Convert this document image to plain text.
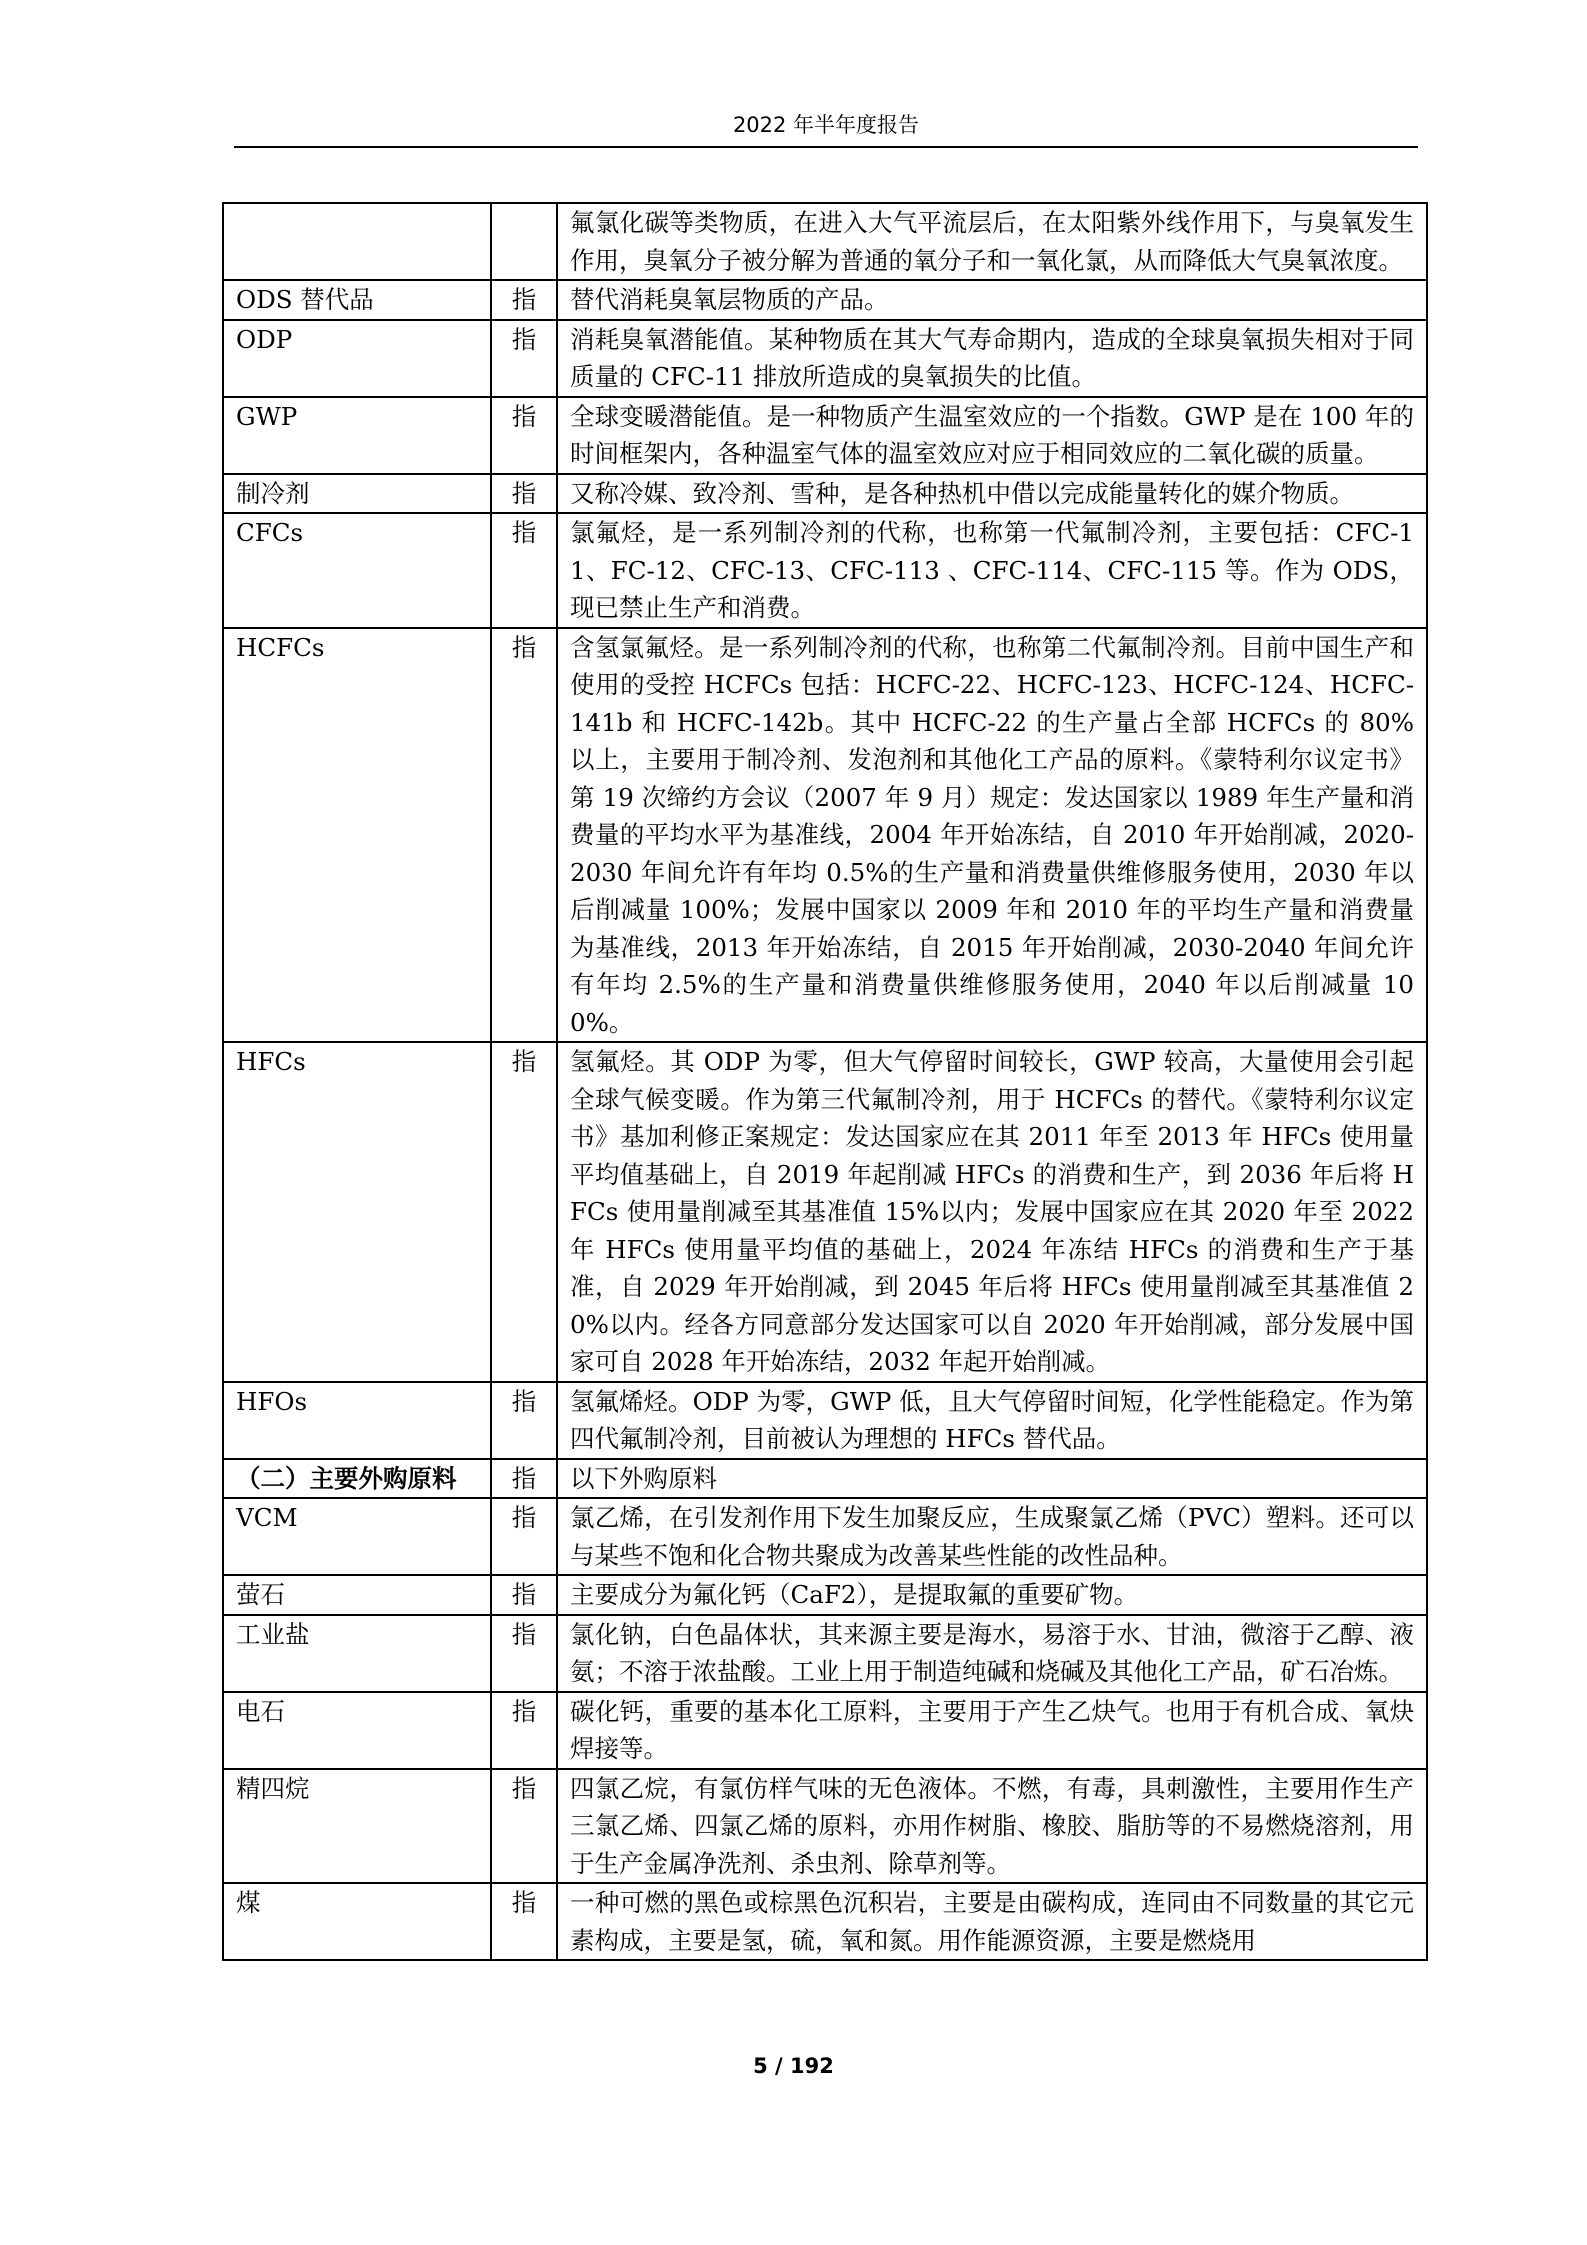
2022 年半年度报告
		氟氯化碳等类物质，在进入大气平流层后，在太阳紫外线作用下，与臭氧发生作用，臭氧分子被分解为普通的氧分子和一氧化氯，从而降低大气臭氧浓度。
ODS 替代品	指	替代消耗臭氧层物质的产品。
ODP	指	消耗臭氧潜能值。某种物质在其大气寿命期内，造成的全球臭氧损失相对于同质量的 CFC-11 排放所造成的臭氧损失的比值。
GWP	指	全球变暖潜能值。是一种物质产生温室效应的一个指数。GWP 是在 100 年的时间框架内，各种温室气体的温室效应对应于相同效应的二氧化碳的质量。
制冷剂	指	又称冷媒、致冷剂、雪种，是各种热机中借以完成能量转化的媒介物质。
CFCs	指	氯氟烃，是一系列制冷剂的代称，也称第一代氟制冷剂，主要包括：CFC-11、FC-12、CFC-13、CFC-113 、CFC-114、CFC-115 等。作为 ODS，现已禁止生产和消费。
HCFCs	指	含氢氯氟烃。是一系列制冷剂的代称，也称第二代氟制冷剂。目前中国生产和使用的受控 HCFCs 包括：HCFC-22、HCFC-123、HCFC-124、HCFC-141b 和 HCFC-142b。其中 HCFC-22 的生产量占全部 HCFCs 的 80% 以上，主要用于制冷剂、发泡剂和其他化工产品的原料。《蒙特利尔议定书》第 19 次缔约方会议（2007 年 9 月）规定：发达国家以 1989 年生产量和消费量的平均水平为基准线，2004 年开始冻结，自 2010 年开始削减，2020-2030 年间允许有年均 0.5%的生产量和消费量供维修服务使用，2030 年以后削减量 100%；发展中国家以 2009 年和 2010 年的平均生产量和消费量为基准线，2013 年开始冻结，自 2015 年开始削减，2030-2040 年间允许有年均 2.5%的生产量和消费量供维修服务使用，2040 年以后削减量 100%。
HFCs	指	氢氟烃。其 ODP 为零，但大气停留时间较长，GWP 较高，大量使用会引起全球气候变暖。作为第三代氟制冷剂，用于 HCFCs 的替代。《蒙特利尔议定书》基加利修正案规定：发达国家应在其 2011 年至 2013 年 HFCs 使用量平均值基础上，自 2019 年起削减 HFCs 的消费和生产，到 2036 年后将 HFCs 使用量削减至其基准值 15%以内；发展中国家应在其 2020 年至 2022 年 HFCs 使用量平均值的基础上，2024 年冻结 HFCs 的消费和生产于基准，自 2029 年开始削减，到 2045 年后将 HFCs 使用量削减至其基准值 20%以内。经各方同意部分发达国家可以自 2020 年开始削减，部分发展中国家可自 2028 年开始冻结，2032 年起开始削减。
HFOs	指	氢氟烯烃。ODP 为零，GWP 低，且大气停留时间短，化学性能稳定。作为第四代氟制冷剂，目前被认为理想的 HFCs 替代品。
（二）主要外购原料	指	以下外购原料
VCM	指	氯乙烯，在引发剂作用下发生加聚反应，生成聚氯乙烯（PVC）塑料。还可以与某些不饱和化合物共聚成为改善某些性能的改性品种。
萤石	指	主要成分为氟化钙（CaF2），是提取氟的重要矿物。
工业盐	指	氯化钠，白色晶体状，其来源主要是海水，易溶于水、甘油，微溶于乙醇、液氨；不溶于浓盐酸。工业上用于制造纯碱和烧碱及其他化工产品，矿石冶炼。
电石	指	碳化钙，重要的基本化工原料，主要用于产生乙炔气。也用于有机合成、氧炔焊接等。
精四烷	指	四氯乙烷，有氯仿样气味的无色液体。不燃，有毒，具刺激性，主要用作生产三氯乙烯、四氯乙烯的原料，亦用作树脂、橡胶、脂肪等的不易燃烧溶剂，用于生产金属净洗剂、杀虫剂、除草剂等。
煤	指	一种可燃的黑色或棕黑色沉积岩，主要是由碳构成，连同由不同数量的其它元素构成，主要是氢，硫，氧和氮。用作能源资源，主要是燃烧用
5 / 192
